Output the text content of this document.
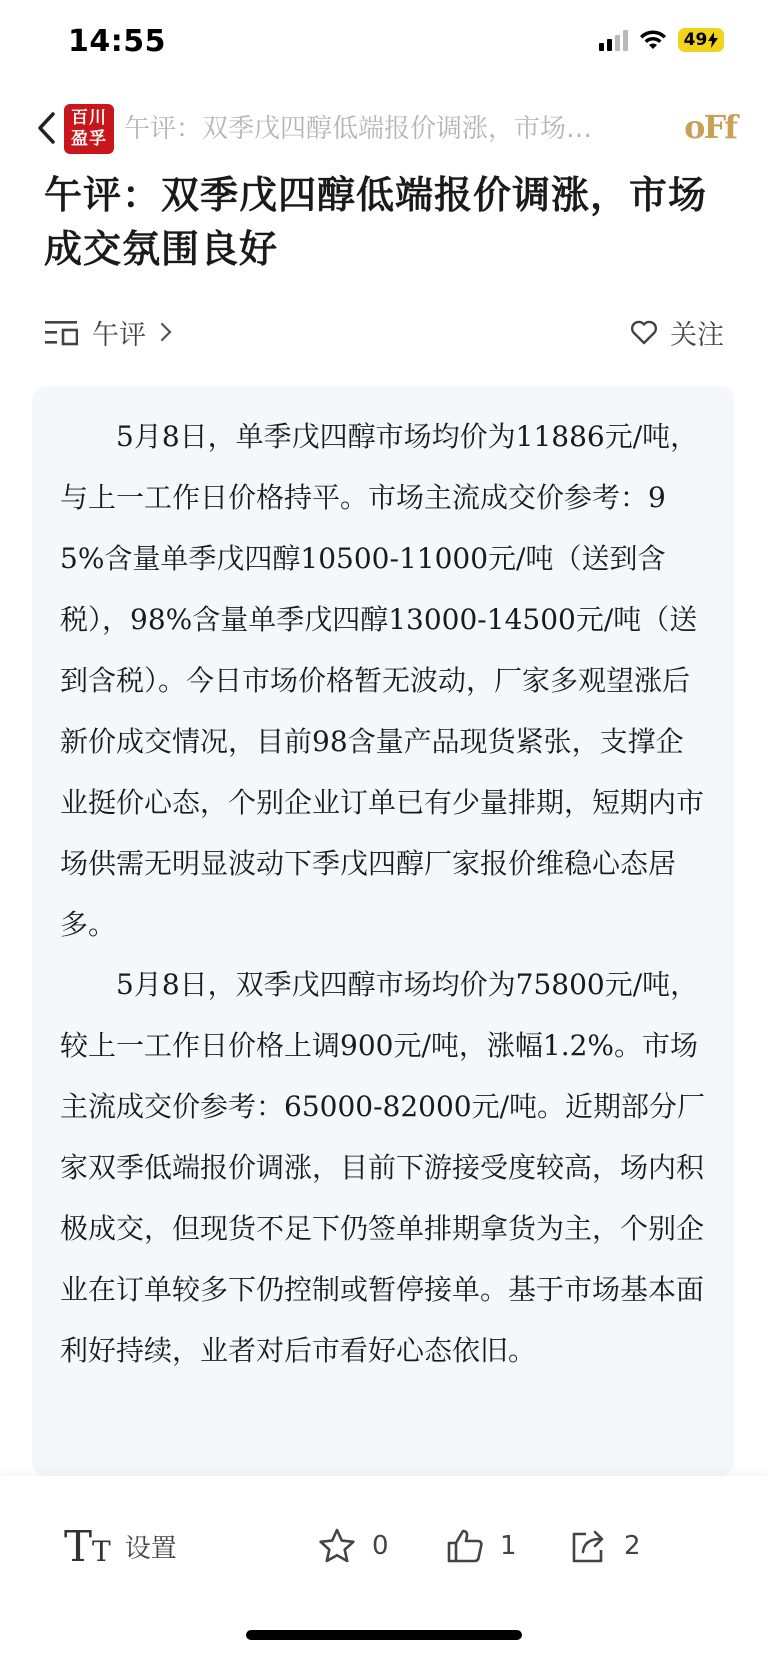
14:55	49
百川
盈孚 午评：双季戊四醇低端报价调涨，市场…	oFf
午评：双季戊四醇低端报价调涨，市场成交氛围良好
午评	关注
5月8日，单季戊四醇市场均价为11886元/吨，与上一工作日价格持平。市场主流成交价参考：95%含量单季戊四醇10500-11000元/吨（送到含税），98%含量单季戊四醇13000-14500元/吨（送到含税）。今日市场价格暂无波动，厂家多观望涨后新价成交情况，目前98含量产品现货紧张，支撑企业挺价心态，个别企业订单已有少量排期，短期内市场供需无明显波动下季戊四醇厂家报价维稳心态居多。
5月8日，双季戊四醇市场均价为75800元/吨，较上一工作日价格上调900元/吨，涨幅1.2%。市场主流成交价参考：65000-82000元/吨。近期部分厂家双季低端报价调涨，目前下游接受度较高，场内积极成交，但现货不足下仍签单排期拿货为主，个别企业在订单较多下仍控制或暂停接单。基于市场基本面利好持续，业者对后市看好心态依旧。
T T 设置	0	1	2
